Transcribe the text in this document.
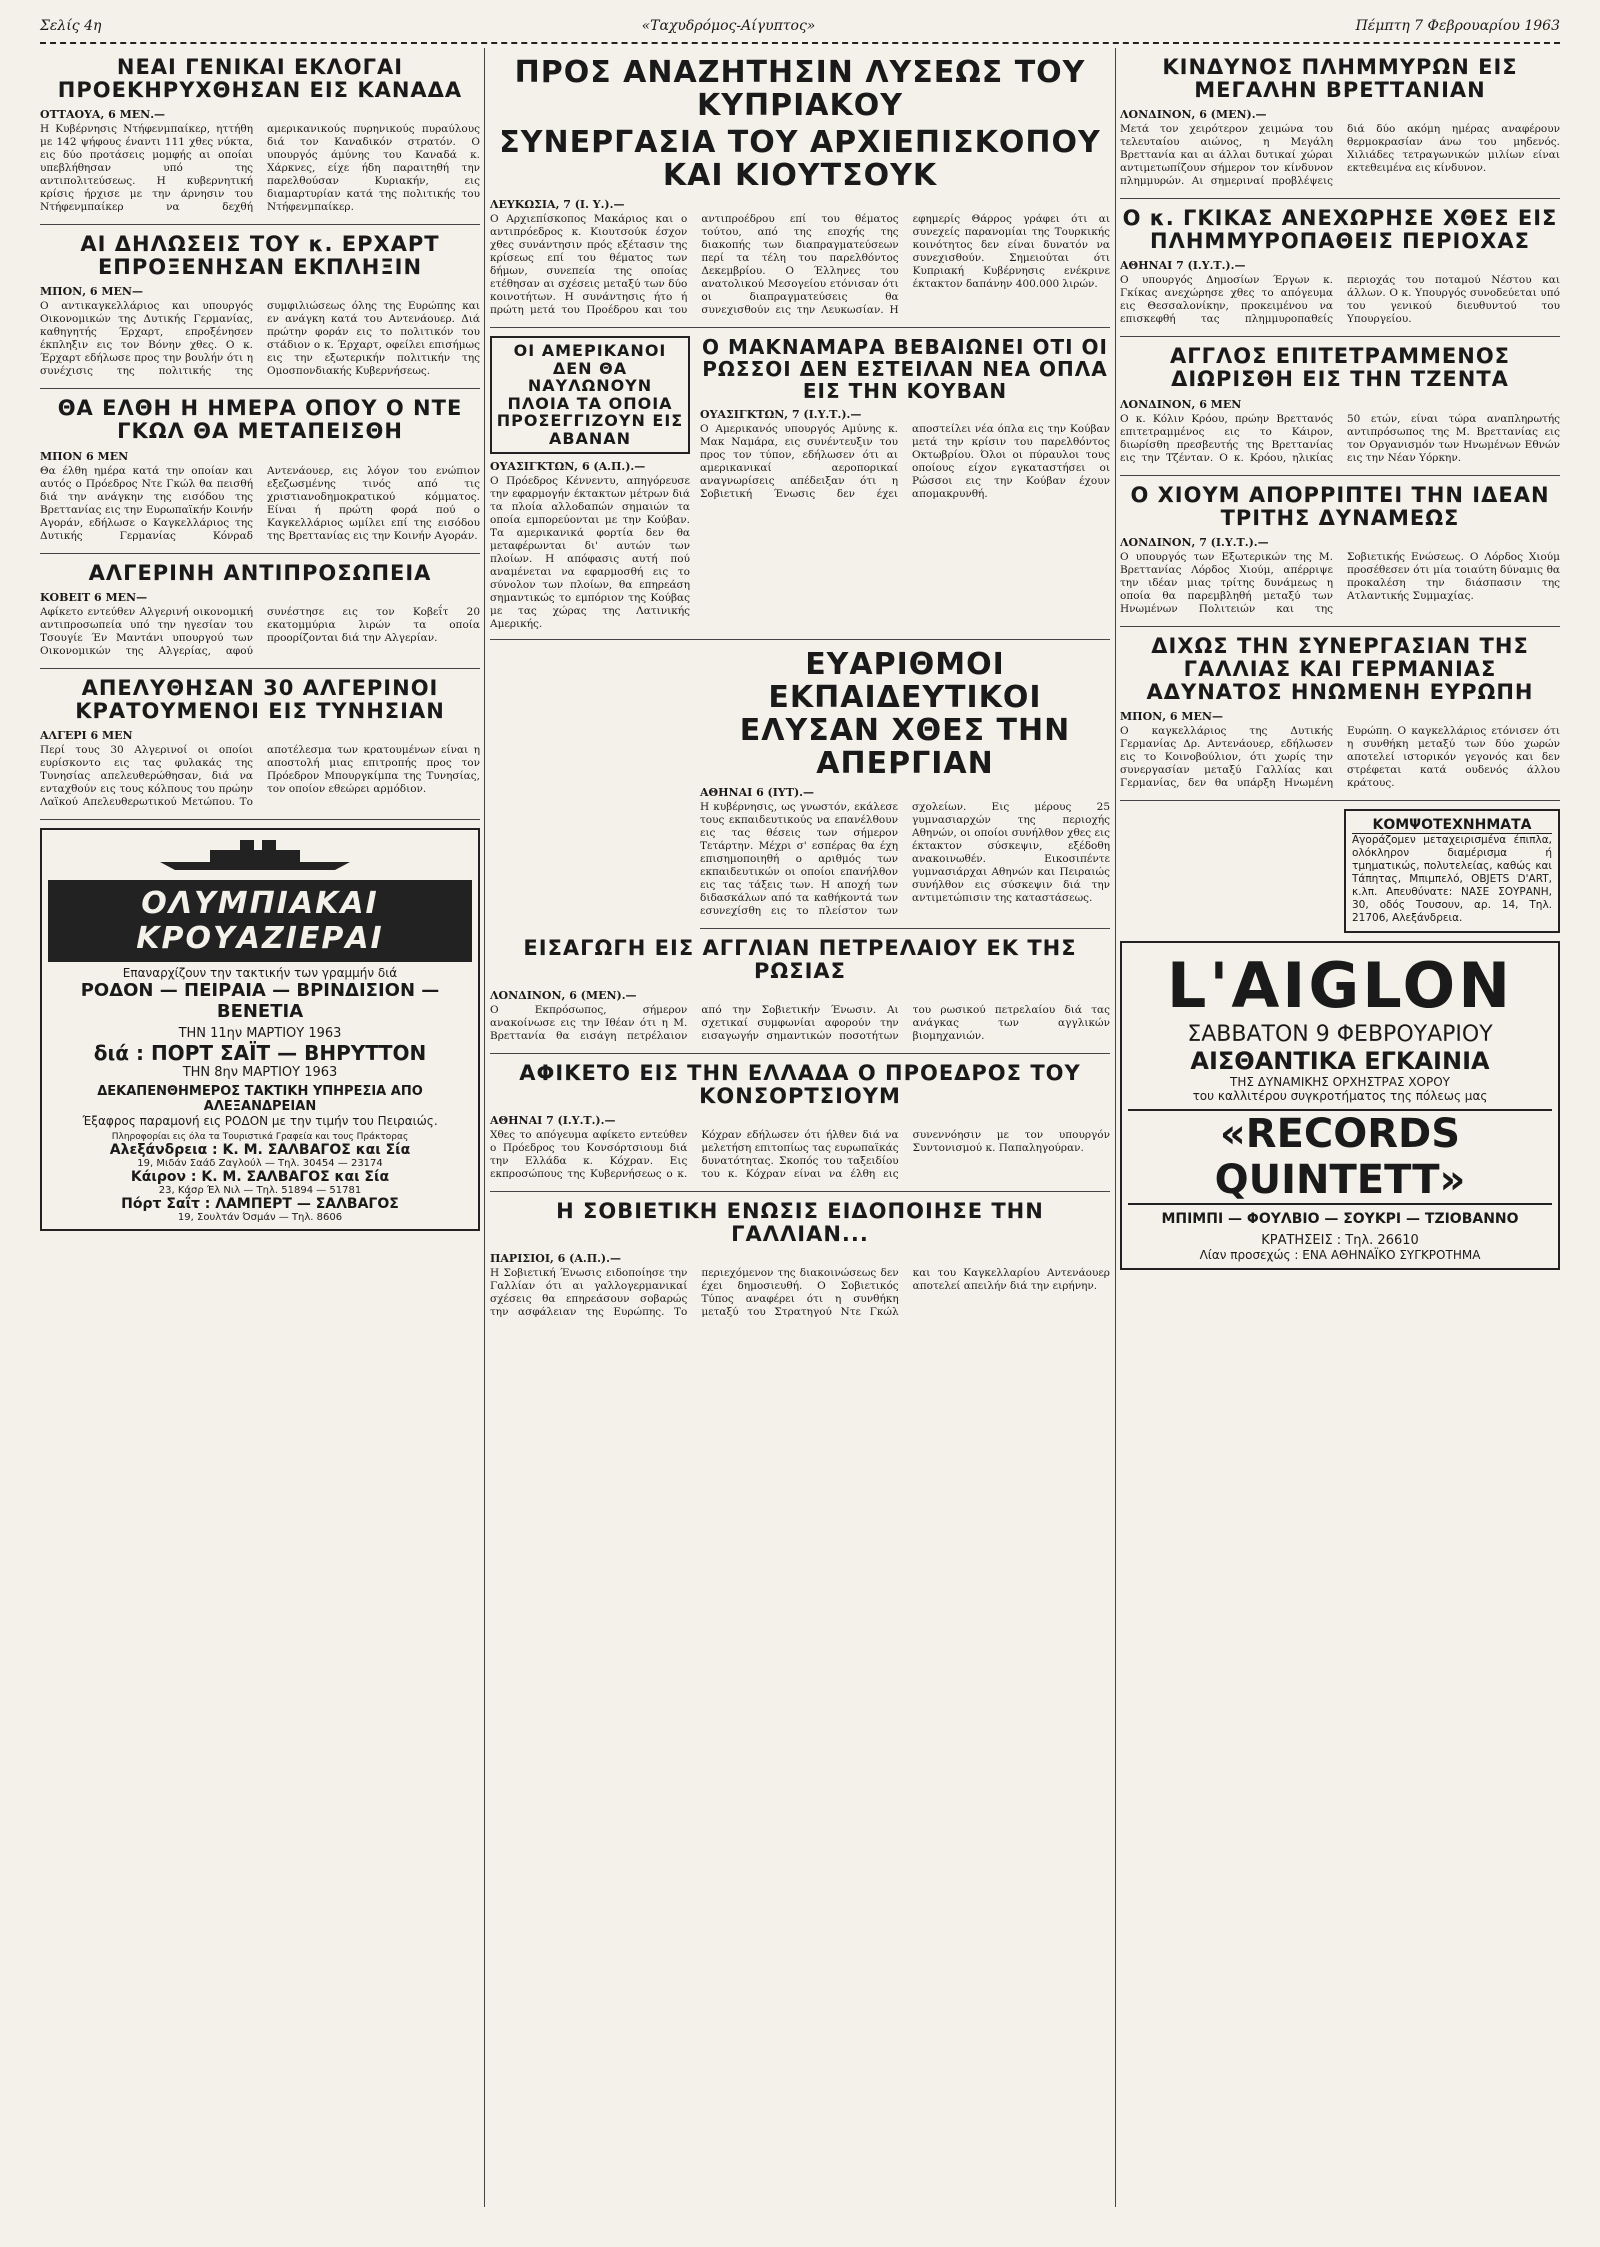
Σελίς 4η	«Ταχυδρόμος-Αίγυπτος»	Πέμπτη 7 Φεβρουαρίου 1963
ΝΕΑΙ ΓΕΝΙΚΑΙ ΕΚΛΟΓΑΙ ΠΡΟΕΚΗΡΥΧΘΗΣΑΝ ΕΙΣ ΚΑΝΑΔΑ
ΟΤΤΑΟΥΑ, 6 ΜΕΝ.—

Η Κυβέρνησις Ντήφενμπαίκερ, ηττήθη με 142 ψήφους έναντι 111 χθες νύκτα, εις δύο προτάσεις μομφής αι οποίαι υπεβλήθησαν υπό της αντιπολιτεύσεως. Η κυβερνητική κρίσις ήρχισε με την άρνησιν του Ντήφενμπαίκερ να δεχθή αμερικανικούς πυρηνικούς πυραύλους διά τον Καναδικόν στρατόν. Ο υπουργός άμύνης του Καναδά κ. Χάρκνες, είχε ήδη παραιτηθή την παρελθούσαν Κυριακήν, εις διαμαρτυρίαν κατά της πολιτικής του Ντήφενμπαίκερ.

ΑΙ ΔΗΛΩΣΕΙΣ ΤΟΥ κ. ΕΡΧΑΡΤ ΕΠΡΟΞΕΝΗΣΑΝ ΕΚΠΛΗΞΙΝ
ΜΠΟΝ, 6 ΜΕΝ—

Ο αντικαγκελλάριος και υπουργός Οικονομικών της Δυτικής Γερμανίας, καθηγητής Έρχαρτ, επροξένησεν έκπληξιν εις τον Βόνην χθες. Ο κ. Έρχαρτ εδήλωσε προς την βουλήν ότι η συνέχισις της πολιτικής της συμφιλιώσεως όλης της Ευρώπης και εν ανάγκη κατά του Αντενάουερ. Διά πρώτην φοράν εις το πολιτικόν του στάδιον ο κ. Έρχαρτ, οφείλει επισήμως εις την εξωτερικήν πολιτικήν της Ομοσπονδιακής Κυβερνήσεως.

ΘΑ ΕΛΘΗ Η ΗΜΕΡΑ ΟΠΟΥ Ο ΝΤΕ ΓΚΩΛ ΘΑ ΜΕΤΑΠΕΙΣΘΗ
ΜΠΟΝ 6 ΜΕΝ

Θα έλθη ημέρα κατά την οποίαν και αυτός ο Πρόεδρος Ντε Γκώλ θα πεισθή διά την ανάγκην της εισόδου της Βρεττανίας εις την Ευρωπαϊκήν Κοινήν Αγοράν, εδήλωσε ο Καγκελλάριος της Δυτικής Γερμανίας Κόνραδ Αντενάουερ, εις λόγον του ενώπιον εξεζωσμένης τινός από τις χριστιανοδημοκρατικού κόμματος. Είναι ή πρώτη φορά πού ο Καγκελλάριος ωμίλει επί της εισόδου της Βρεττανίας εις την Κοινήν Αγοράν.

ΑΛΓΕΡΙΝΗ ΑΝΤΙΠΡΟΣΩΠΕΙΑ
ΚΟΒΕΙΤ 6 ΜΕΝ—

Αφίκετο εντεύθεν Αλγερινή οικονομική αντιπροσωπεία υπό την ηγεσίαν του Τσουγίε Έν Μαντάνι υπουργού των Οικονομικών της Αλγερίας, αφού συνέστησε εις τον Κοβεΐτ 20 εκατομμύρια λιρών τα οποία προορίζονται διά την Αλγερίαν.

ΑΠΕΛΥΘΗΣΑΝ 30 ΑΛΓΕΡΙΝΟΙ ΚΡΑΤΟΥΜΕΝΟΙ ΕΙΣ ΤΥΝΗΣΙΑΝ
ΑΛΓΕΡΙ 6 ΜΕΝ

Περί τους 30 Αλγερινοί οι οποίοι ευρίσκοντο εις τας φυλακάς της Τυνησίας απελευθερώθησαν, διά να ενταχθούν εις τους κόλπους του πρώην Λαϊκού Απελευθερωτικού Μετώπου. Το αποτέλεσμα των κρατουμένων είναι η αποστολή μιας επιτροπής προς τον Πρόεδρον Μπουργκίμπα της Τυνησίας, τον οποίον εθεώρει αρμόδιον.

ΟΛΥΜΠΙΑΚΑΙ ΚΡΟΥΑΖΙΕΡΑΙ
Επαναρχίζουν την τακτικήν των γραμμήν διά
ΡΟΔΟΝ — ΠΕΙΡΑΙΑ — ΒΡΙΝΔΙΣΙΟΝ — ΒΕΝΕΤΙΑ
ΤΗΝ 11ην ΜΑΡΤΙΟΥ 1963
διά : ΠΟΡΤ ΣΑΪΤ — ΒΗΡΥΤΤΟΝ
ΤΗΝ 8ην ΜΑΡΤΙΟΥ 1963
ΔΕΚΑΠΕΝΘΗΜΕΡΟΣ ΤΑΚΤΙΚΗ ΥΠΗΡΕΣΙΑ ΑΠΟ ΑΛΕΞΑΝΔΡΕΙΑΝ
Έξαφρος παραμονή εις ΡΟΔΟΝ με την τιμήν του Πειραιώς.
Πληροφορίαι εις όλα τα Τουριστικά Γραφεία και τους Πράκτορας
Αλεξάνδρεια : Κ. Μ. ΣΑΛΒΑΓΟΣ και Σία
19, Μιδάν Σαάδ Ζαγλούλ — Τηλ. 30454 — 23174
Κάιρον : Κ. Μ. ΣΑΛΒΑΓΟΣ και Σία
23, Κάσρ Έλ Νιλ — Τηλ. 51894 — 51781
Πόρτ Σαΐτ : ΛΑΜΠΕΡΤ — ΣΑΛΒΑΓΟΣ
19, Σουλτάν Όσμάν — Τηλ. 8606
ΠΡΟΣ ΑΝΑΖΗΤΗΣΙΝ ΛΥΣΕΩΣ ΤΟΥ ΚΥΠΡΙΑΚΟΥ
ΣΥΝΕΡΓΑΣΙΑ ΤΟΥ ΑΡΧΙΕΠΙΣΚΟΠΟΥ ΚΑΙ ΚΙΟΥΤΣΟΥΚ
ΛΕΥΚΩΣΙΑ, 7 (Ι. Υ.).—

Ο Αρχιεπίσκοπος Μακάριος και ο αντιπρόεδρος κ. Κιουτσούκ έσχον χθες συνάντησιν πρός εξέτασιν της κρίσεως επί του θέματος των δήμων, συνεπεία της οποίας ετέθησαν αι σχέσεις μεταξύ των δύο κοινοτήτων. Η συνάντησις ήτο ή πρώτη μετά του Προέδρου και του αντιπροέδρου επί του θέματος τούτου, από της εποχής της διακοπής των διαπραγματεύσεων περί τα τέλη του παρελθόντος Δεκεμβρίου. Ο Έλληνες του ανατολικού Μεσογείου ετόνισαν ότι οι διαπραγματεύσεις θα συνεχισθούν εις την Λευκωσίαν. Η εφημερίς Θάρρος γράφει ότι αι συνεχείς παρανομίαι της Τουρκικής κοινότητος δεν είναι δυνατόν να συνεχισθούν. Σημειούται ότι Κυπριακή Κυβέρνησις ενέκρινε έκτακτον δαπάνην 400.000 λιρών.

ΟΙ ΑΜΕΡΙΚΑΝΟΙ ΔΕΝ ΘΑ ΝΑΥΛΩΝΟΥΝ ΠΛΟΙΑ ΤΑ ΟΠΟΙΑ ΠΡΟΣΕΓΓΙΖΟΥΝ ΕΙΣ ΑΒΑΝΑΝ
ΟΥΑΣΙΓΚΤΩΝ, 6 (Α.Π.).—

Ο Πρόεδρος Κέννεντυ, απηγόρευσε την εφαρμογήν έκτακτων μέτρων διά τα πλοία αλλοδαπών σημαιών τα οποία εμπορεύονται με την Κούβαν. Τα αμερικανικά φορτία δεν θα μεταφέρωνται δι' αυτών των πλοίων. Η απόφασις αυτή πού αναμένεται να εφαρμοσθή εις το σύνολον των πλοίων, θα επηρεάση σημαντικώς το εμπόριον της Κούβας με τας χώρας της Λατινικής Αμερικής.

Ο ΜΑΚΝΑΜΑΡΑ ΒΕΒΑΙΩΝΕΙ ΟΤΙ ΟΙ ΡΩΣΣΟΙ ΔΕΝ ΕΣΤΕΙΛΑΝ ΝΕΑ ΟΠΛΑ ΕΙΣ ΤΗΝ ΚΟΥΒΑΝ
ΟΥΑΣΙΓΚΤΩΝ, 7 (Ι.Υ.Τ.).—

Ο Αμερικανός υπουργός Αμύνης κ. Μακ Ναμάρα, εις συνέντευξιν του προς τον τύπον, εδήλωσεν ότι αι αμερικανικαί αεροπορικαί αναγνωρίσεις απέδειξαν ότι η Σοβιετική Ένωσις δεν έχει αποστείλει νέα όπλα εις την Κούβαν μετά την κρίσιν του παρελθόντος Οκτωβρίου. Όλοι οι πύραυλοι τους οποίους είχον εγκαταστήσει οι Ρώσσοι εις την Κούβαν έχουν απομακρυνθή.

ΕΥΑΡΙΘΜΟΙ ΕΚΠΑΙΔΕΥΤΙΚΟΙ ΕΛΥΣΑΝ ΧΘΕΣ ΤΗΝ ΑΠΕΡΓΙΑΝ
ΑΘΗΝΑΙ 6 (ΙΥΤ).—

Η κυβέρνησις, ως γνωστόν, εκάλεσε τους εκπαιδευτικούς να επανέλθουν εις τας θέσεις των σήμερον Τετάρτην. Μέχρι σ' εσπέρας θα έχη επισημοποιηθή ο αριθμός των εκπαιδευτικών οι οποίοι επανήλθον εις τας τάξεις των. Η αποχή των διδασκάλων από τα καθήκοντά των εσυνεχίσθη εις το πλείστον των σχολείων. Εις μέρους 25 γυμνασιαρχών της περιοχής Αθηνών, οι οποίοι συνήλθον χθες εις έκτακτον σύσκεψιν, εξέδοθη ανακοινωθέν. Εικοσιπέντε γυμνασιάρχαι Αθηνών και Πειραιώς συνήλθον εις σύσκεψιν διά την αντιμετώπισιν της καταστάσεως.

ΕΙΣΑΓΩΓΗ ΕΙΣ ΑΓΓΛΙΑΝ ΠΕΤΡΕΛΑΙΟΥ ΕΚ ΤΗΣ ΡΩΣΙΑΣ
ΛΟΝΔΙΝΟΝ, 6 (ΜΕΝ).—

Ο Εκπρόσωπος, σήμερον ανακοίνωσε εις την Ιθέαν ότι η Μ. Βρεττανία θα εισάγη πετρέλαιον από την Σοβιετικήν Ένωσιν. Αι σχετικαί συμφωνίαι αφορούν την εισαγωγήν σημαντικών ποσοτήτων του ρωσικού πετρελαίου διά τας ανάγκας των αγγλικών βιομηχανιών.

ΑΦΙΚΕΤΟ ΕΙΣ ΤΗΝ ΕΛΛΑΔΑ Ο ΠΡΟΕΔΡΟΣ ΤΟΥ ΚΟΝΣΟΡΤΣΙΟΥΜ
ΑΘΗΝΑΙ 7 (Ι.Υ.Τ.).—

Χθες το απόγευμα αφίκετο εντεύθεν ο Πρόεδρος του Κονσόρτσιουμ διά την Ελλάδα κ. Κόχραν. Εις εκπροσώπους της Κυβερνήσεως ο κ. Κόχραν εδήλωσεν ότι ήλθεν διά να μελετήση επιτοπίως τας ευρωπαϊκάς δυνατότητας. Σκοπός του ταξειδίου του κ. Κόχραν είναι να έλθη εις συνεννόησιν με τον υπουργόν Συντονισμού κ. Παπαληγούραν.

Η ΣΟΒΙΕΤΙΚΗ ΕΝΩΣΙΣ ΕΙΔΟΠΟΙΗΣΕ ΤΗΝ ΓΑΛΛΙΑΝ...
ΠΑΡΙΣΙΟΙ, 6 (Α.Π.).—

Η Σοβιετική Ένωσις ειδοποίησε την Γαλλίαν ότι αι γαλλογερμανικαί σχέσεις θα επηρεάσουν σοβαρώς την ασφάλειαν της Ευρώπης. Το περιεχόμενον της διακοινώσεως δεν έχει δημοσιευθή. Ο Σοβιετικός Τύπος αναφέρει ότι η συνθήκη μεταξύ του Στρατηγού Ντε Γκώλ και του Καγκελλαρίου Αντενάουερ αποτελεί απειλήν διά την ειρήνην.

ΚΙΝΔΥΝΟΣ ΠΛΗΜΜΥΡΩΝ ΕΙΣ ΜΕΓΑΛΗΝ ΒΡΕΤΤΑΝΙΑΝ
ΛΟΝΔΙΝΟΝ, 6 (ΜΕΝ).—

Μετά τον χειρότερον χειμώνα του τελευταίου αιώνος, η Μεγάλη Βρεττανία και αι άλλαι δυτικαί χώραι αντιμετωπίζουν σήμερον τον κίνδυνον πλημμυρών. Αι σημεριναί προβλέψεις διά δύο ακόμη ημέρας αναφέρουν θερμοκρασίαν άνω του μηδενός. Χιλιάδες τετραγωνικών μιλίων είναι εκτεθειμένα εις κίνδυνον.

Ο κ. ΓΚΙΚΑΣ ΑΝΕΧΩΡΗΣΕ ΧΘΕΣ ΕΙΣ ΠΛΗΜΜΥΡΟΠΑΘΕΙΣ ΠΕΡΙΟΧΑΣ
ΑΘΗΝΑΙ 7 (Ι.Υ.Τ.).—

Ο υπουργός Δημοσίων Έργων κ. Γκίκας ανεχώρησε χθες το απόγευμα εις Θεσσαλονίκην, προκειμένου να επισκεφθή τας πλημμυροπαθείς περιοχάς του ποταμού Νέστου και άλλων. Ο κ. Υπουργός συνοδεύεται υπό του γενικού διευθυντού του Υπουργείου.

ΑΓΓΛΟΣ ΕΠΙΤΕΤΡΑΜΜΕΝΟΣ ΔΙΩΡΙΣΘΗ ΕΙΣ ΤΗΝ ΤΖΕΝΤΑ
ΛΟΝΔΙΝΟΝ, 6 ΜΕΝ

Ο κ. Κόλιν Κρόου, πρώην Βρεττανός επιτετραμμένος εις το Κάιρον, διωρίσθη πρεσβευτής της Βρεττανίας εις την Τζένταν. Ο κ. Κρόου, ηλικίας 50 ετών, είναι τώρα αναπληρωτής αντιπρόσωπος της Μ. Βρεττανίας εις τον Οργανισμόν των Ηνωμένων Εθνών εις την Νέαν Υόρκην.

Ο ΧΙΟΥΜ ΑΠΟΡΡΙΠΤΕΙ ΤΗΝ ΙΔΕΑΝ ΤΡΙΤΗΣ ΔΥΝΑΜΕΩΣ
ΛΟΝΔΙΝΟΝ, 7 (Ι.Υ.Τ.).—

Ο υπουργός των Εξωτερικών της Μ. Βρεττανίας Λόρδος Χιούμ, απέρριψε την ιδέαν μιας τρίτης δυνάμεως η οποία θα παρεμβληθή μεταξύ των Ηνωμένων Πολιτειών και της Σοβιετικής Ενώσεως. Ο Λόρδος Χιούμ προσέθεσεν ότι μία τοιαύτη δύναμις θα προκαλέση την διάσπασιν της Ατλαντικής Συμμαχίας.

ΔΙΧΩΣ ΤΗΝ ΣΥΝΕΡΓΑΣΙΑΝ ΤΗΣ ΓΑΛΛΙΑΣ ΚΑΙ ΓΕΡΜΑΝΙΑΣ ΑΔΥΝΑΤΟΣ ΗΝΩΜΕΝΗ ΕΥΡΩΠΗ
ΜΠΟΝ, 6 ΜΕΝ—

Ο καγκελλάριος της Δυτικής Γερμανίας Δρ. Αντενάουερ, εδήλωσεν εις το Κοινοβούλιον, ότι χωρίς την συνεργασίαν μεταξύ Γαλλίας και Γερμανίας, δεν θα υπάρξη Ηνωμένη Ευρώπη. Ο καγκελλάριος ετόνισεν ότι η συνθήκη μεταξύ των δύο χωρών αποτελεί ιστορικόν γεγονός και δεν στρέφεται κατά ουδενός άλλου κράτους.

ΚΟΜΨΟΤΕΧΝΗΜΑΤΑ

Αγοράζομεν μεταχειρισμένα έπιπλα, ολόκληρον διαμέρισμα ή τμηματικώς, πολυτελείας, καθώς και Τάπητας, Μπιμπελό, OBJETS D'ART, κ.λπ. Απευθύνατε: ΝΑΣΕ ΣΟΥΡΑΝΗ, 30, οδός Τουσουν, αρ. 14, Τηλ. 21706, Αλεξάνδρεια.

L'AIGLON
ΣΑΒΒΑΤΟΝ 9 ΦΕΒΡΟΥΑΡΙΟΥ
ΑΙΣΘΑΝΤΙΚΑ ΕΓΚΑΙΝΙΑ
ΤΗΣ ΔΥΝΑΜΙΚΗΣ ΟΡΧΗΣΤΡΑΣ ΧΟΡΟΥ
του καλλιτέρου συγκροτήματος της πόλεως μας
«RECORDS QUINTETT»
ΜΠΙΜΠΙ — ΦΟΥΛΒΙΟ — ΣΟΥΚΡΙ — ΤΖΙΟΒΑΝΝΟ
ΚΡΑΤΗΣΕΙΣ : Τηλ. 26610
Λίαν προσεχώς : ΕΝΑ ΑΘΗΝΑΪΚΟ ΣΥΓΚΡΟΤΗΜΑ
